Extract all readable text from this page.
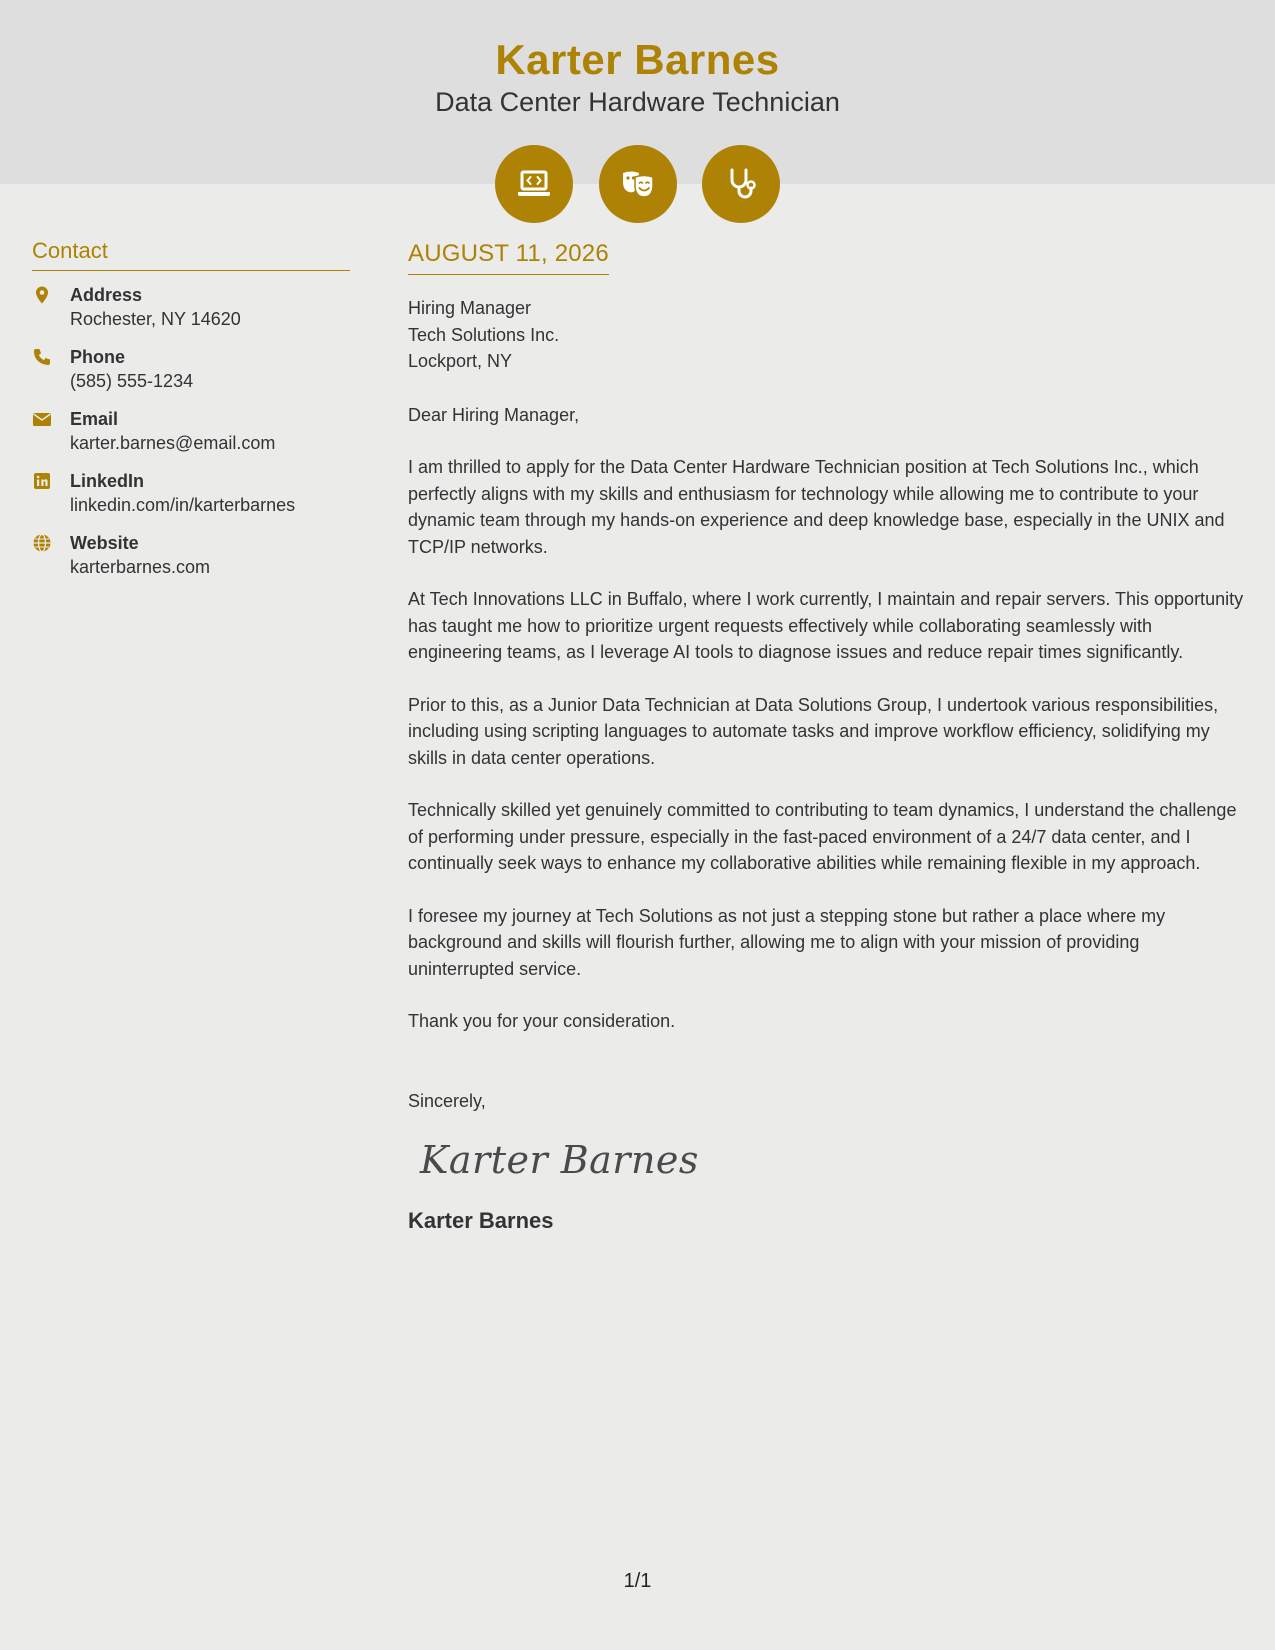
Karter Barnes
Data Center Hardware Technician
Contact
Address
Rochester, NY 14620
Phone
(585) 555-1234
Email
karter.barnes@email.com
LinkedIn
linkedin.com/in/karterbarnes
Website
karterbarnes.com
AUGUST 11, 2026
Hiring Manager
Tech Solutions Inc.
Lockport, NY
Dear Hiring Manager,

I am thrilled to apply for the Data Center Hardware Technician position at Tech Solutions Inc., which perfectly aligns with my skills and enthusiasm for technology while allowing me to contribute to your dynamic team through my hands-on experience and deep knowledge base, especially in the UNIX and TCP/IP networks.

At Tech Innovations LLC in Buffalo, where I work currently, I maintain and repair servers. This opportunity has taught me how to prioritize urgent requests effectively while collaborating seamlessly with engineering teams, as I leverage AI tools to diagnose issues and reduce repair times significantly.

Prior to this, as a Junior Data Technician at Data Solutions Group, I undertook various responsibilities, including using scripting languages to automate tasks and improve workflow efficiency, solidifying my skills in data center operations.

Technically skilled yet genuinely committed to contributing to team dynamics, I understand the challenge of performing under pressure, especially in the fast-paced environment of a 24/7 data center, and I continually seek ways to enhance my collaborative abilities while remaining flexible in my approach.

I foresee my journey at Tech Solutions as not just a stepping stone but rather a place where my background and skills will flourish further, allowing me to align with your mission of providing uninterrupted service.

Thank you for your consideration.

Sincerely,
Karter Barnes
Karter Barnes
1/1
